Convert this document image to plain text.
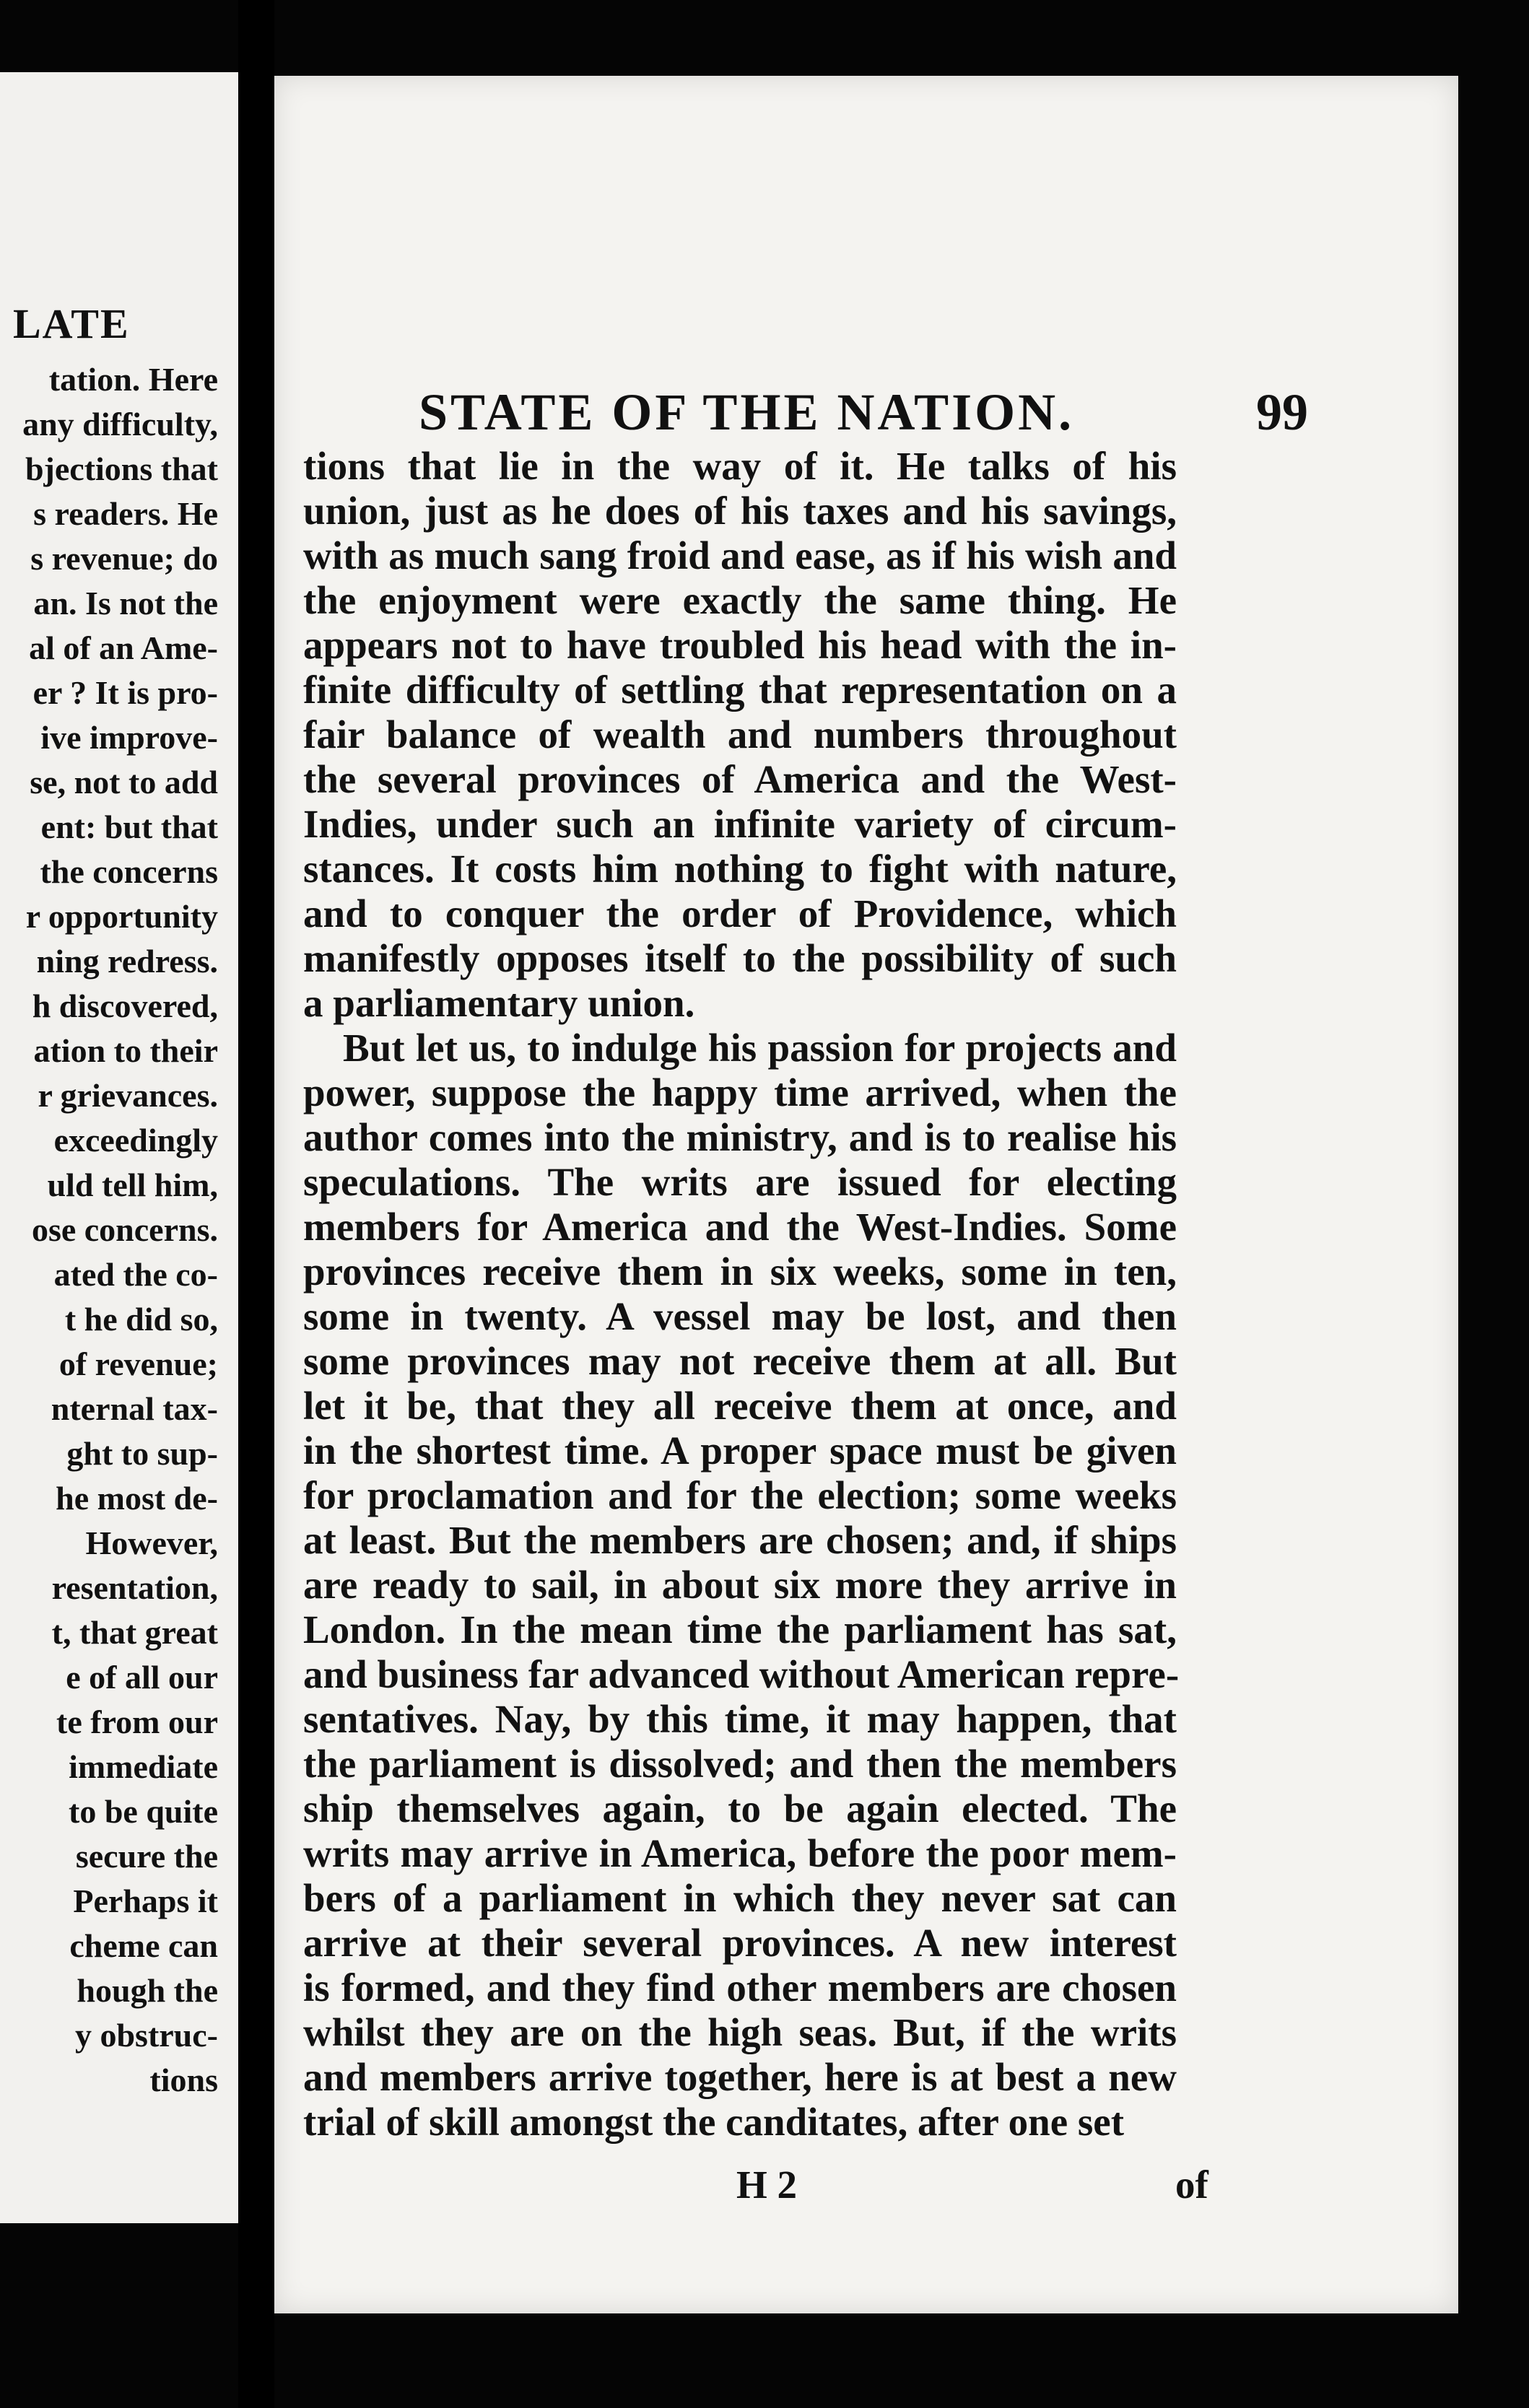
LATE

tation. Here
any difficulty,
bjections that
s readers. He
s revenue; do
an. Is not the
al of an Ame-
er ? It is pro-
ive improve-
se, not to add
ent: but that
the concerns
r opportunity
ning redress.
h discovered,
ation to their
r grievances.
exceedingly
uld tell him,
ose concerns.
ated the co-
t he did so,
of revenue;
nternal tax-
ght to sup-
he most de-
However,
resentation,
t, that great
e of all our
te from our
immediate
to be quite
secure the
Perhaps it
cheme can
hough the
y obstruc-
tions
STATE OF THE NATION.	99

tions that lie in the way of it. He talks of his
union, just as he does of his taxes and his savings,
with as much sang froid and ease, as if his wish and
the enjoyment were exactly the same thing. He
appears not to have troubled his head with the in-
finite difficulty of settling that representation on a
fair balance of wealth and numbers throughout
the several provinces of America and the West-
Indies, under such an infinite variety of circum-
stances. It costs him nothing to fight with nature,
and to conquer the order of Providence, which
manifestly opposes itself to the possibility of such
a parliamentary union.

But let us, to indulge his passion for projects and
power, suppose the happy time arrived, when the
author comes into the ministry, and is to realise his
speculations. The writs are issued for electing
members for America and the West-Indies. Some
provinces receive them in six weeks, some in ten,
some in twenty. A vessel may be lost, and then
some provinces may not receive them at all. But
let it be, that they all receive them at once, and
in the shortest time. A proper space must be given
for proclamation and for the election; some weeks
at least. But the members are chosen; and, if ships
are ready to sail, in about six more they arrive in
London. In the mean time the parliament has sat,
and business far advanced without American repre-
sentatives. Nay, by this time, it may happen, that
the parliament is dissolved; and then the members
ship themselves again, to be again elected. The
writs may arrive in America, before the poor mem-
bers of a parliament in which they never sat can
arrive at their several provinces. A new interest
is formed, and they find other members are chosen
whilst they are on the high seas. But, if the writs
and members arrive together, here is at best a new
trial of skill amongst the canditates, after one set

H 2	of
